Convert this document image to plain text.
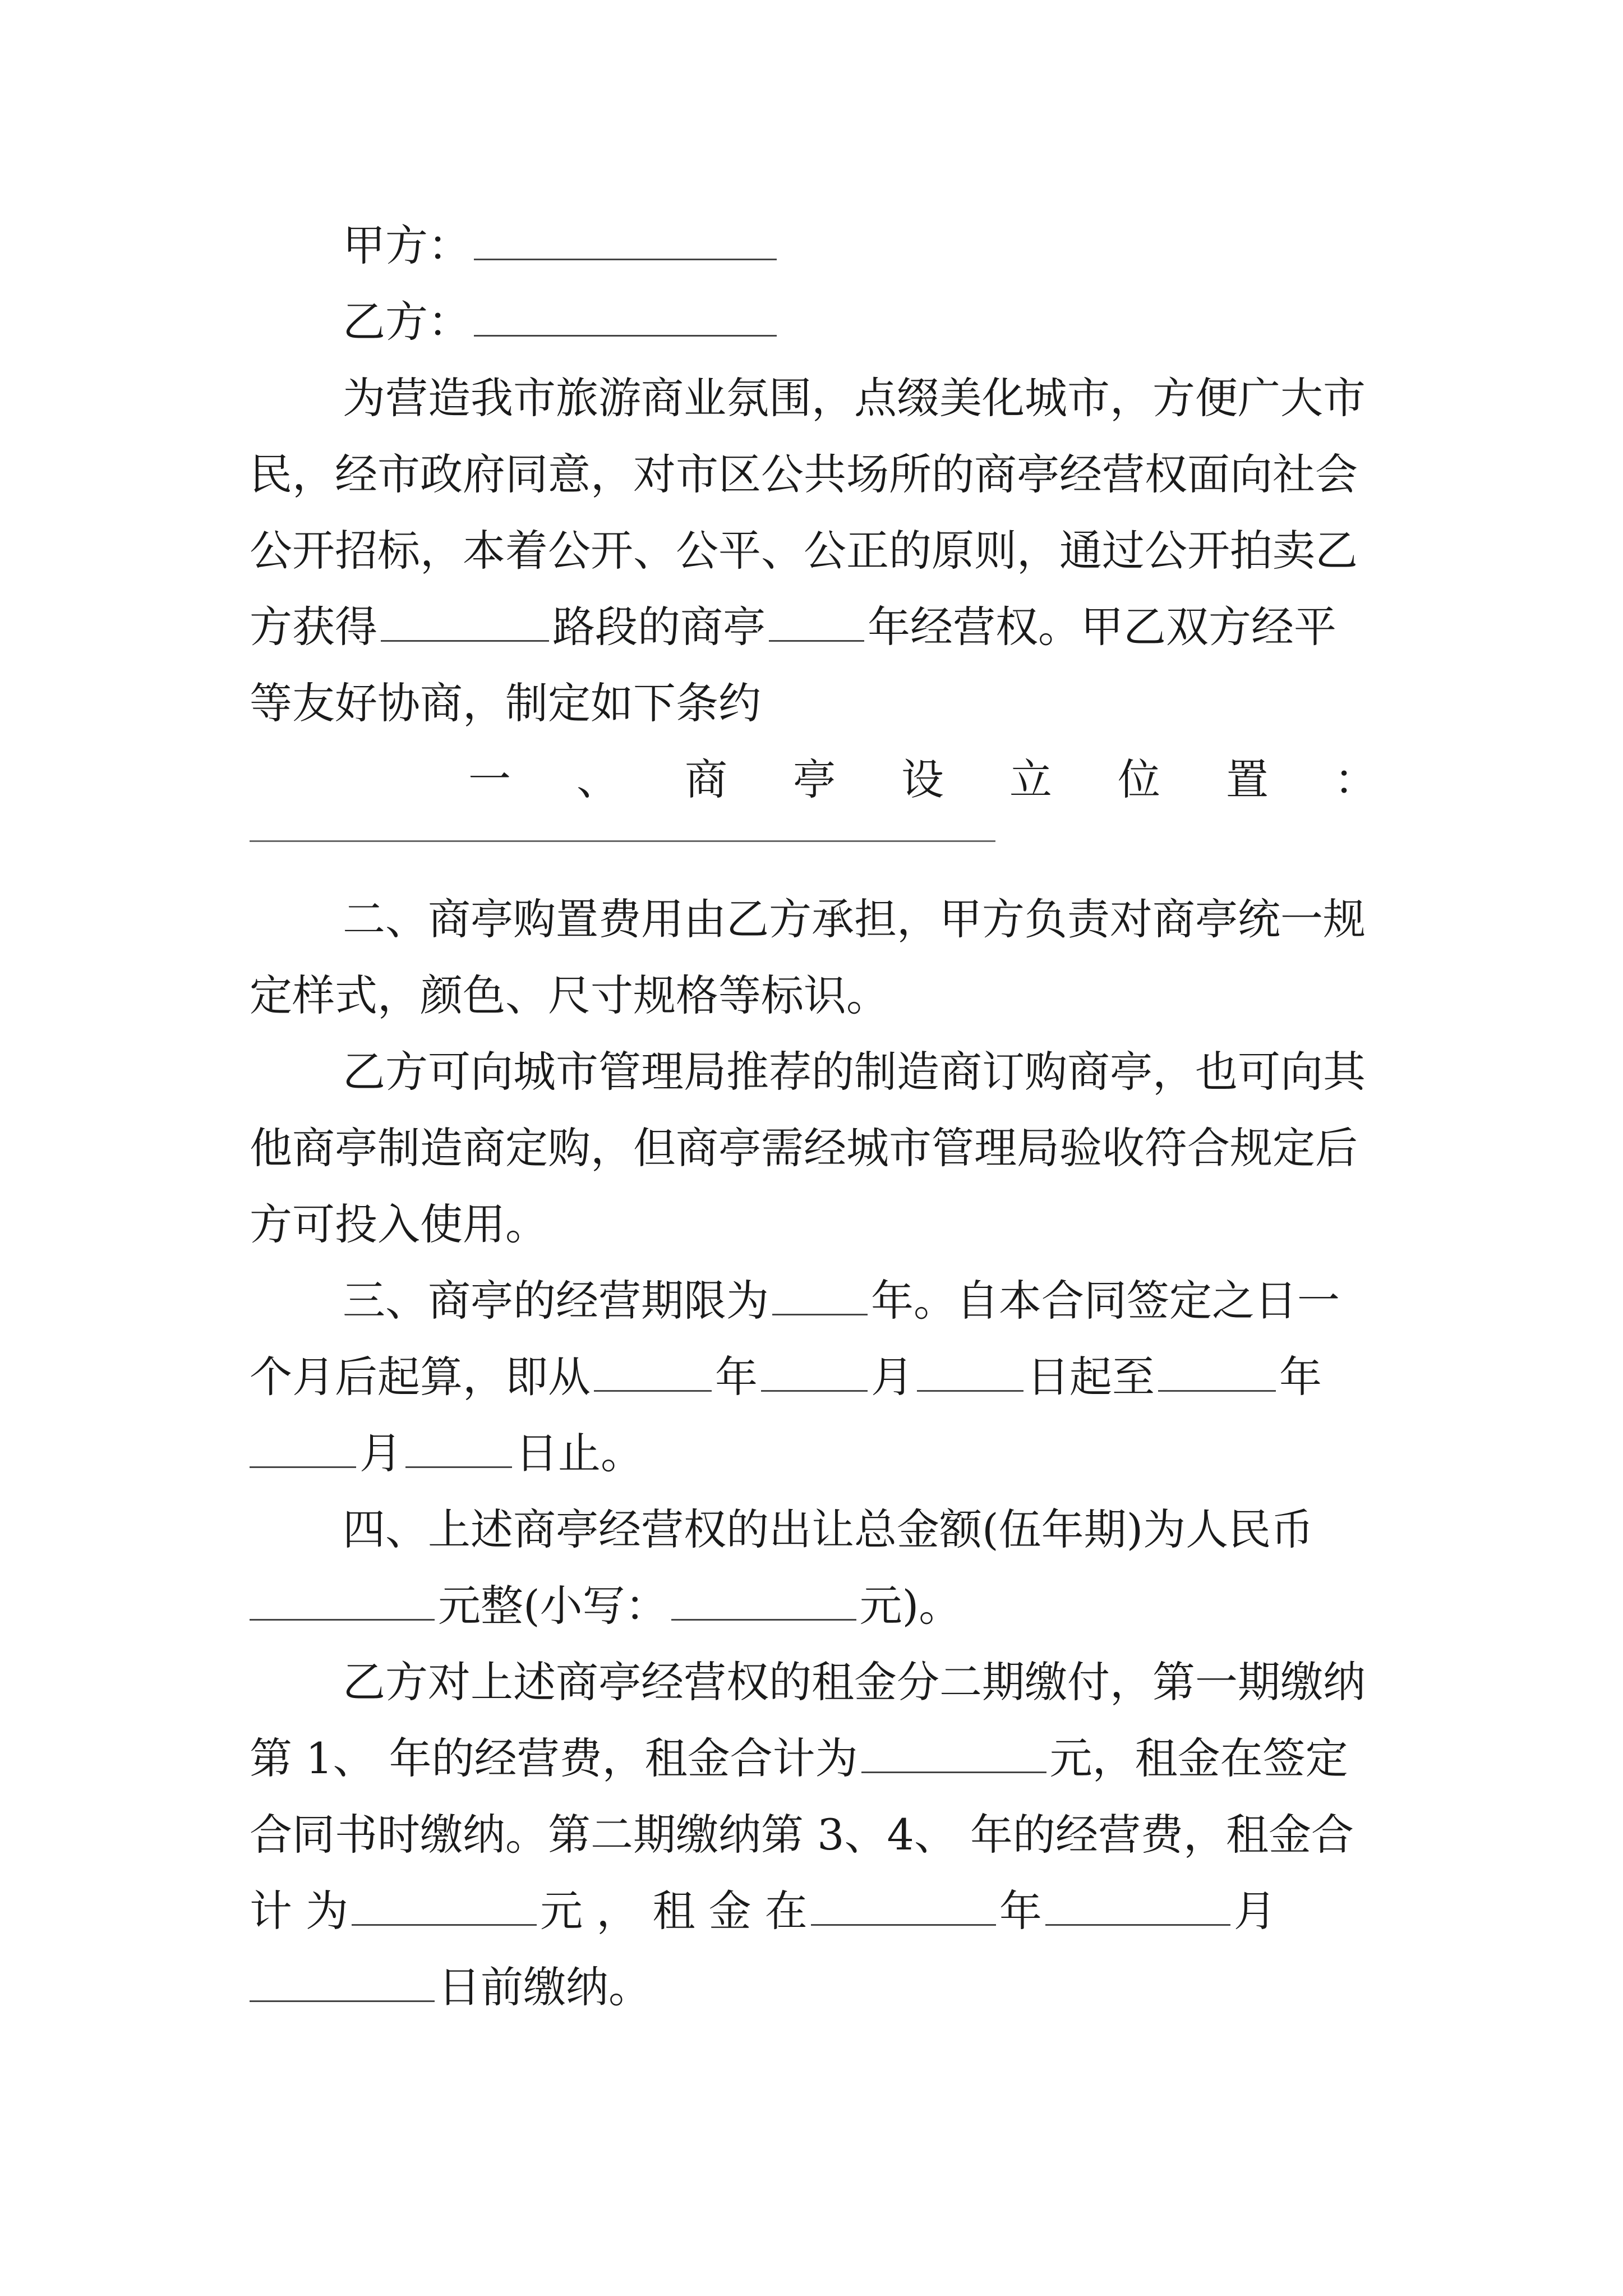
甲方：
乙方：
为营造我市旅游商业氛围，点缀美化城市，方便广大市
民，经市政府同意，对市区公共场所的商亭经营权面向社会
公开招标，本着公开、公平、公正的原则，通过公开拍卖乙
方获得	路段的商亭 年经营权。甲乙双方经平
等友好协商，制定如下条约
一 、 商 亭 设 立 位 置 ：
二、商亭购置费用由乙方承担，甲方负责对商亭统一规
定样式，颜色、尺寸规格等标识。
乙方可向城市管理局推荐的制造商订购商亭，也可向其
他商亭制造商定购，但商亭需经城市管理局验收符合规定后
方可投入使用。
三、商亭的经营期限为 年。自本合同签定之日一
个月后起算，即从	年	月	日起至	年
月	日止。
四、上述商亭经营权的出让总金额(伍年期)为人民币
元整(小写：	元)。
乙方对上述商亭经营权的租金分二期缴付，第一期缴纳
第 1、 年的经营费，租金合计为	元，租金在签定
合同书时缴纳。第二期缴纳第 3、4、 年的经营费，租金合
计 为	元 ， 租 金 在	年	月
日前缴纳。
